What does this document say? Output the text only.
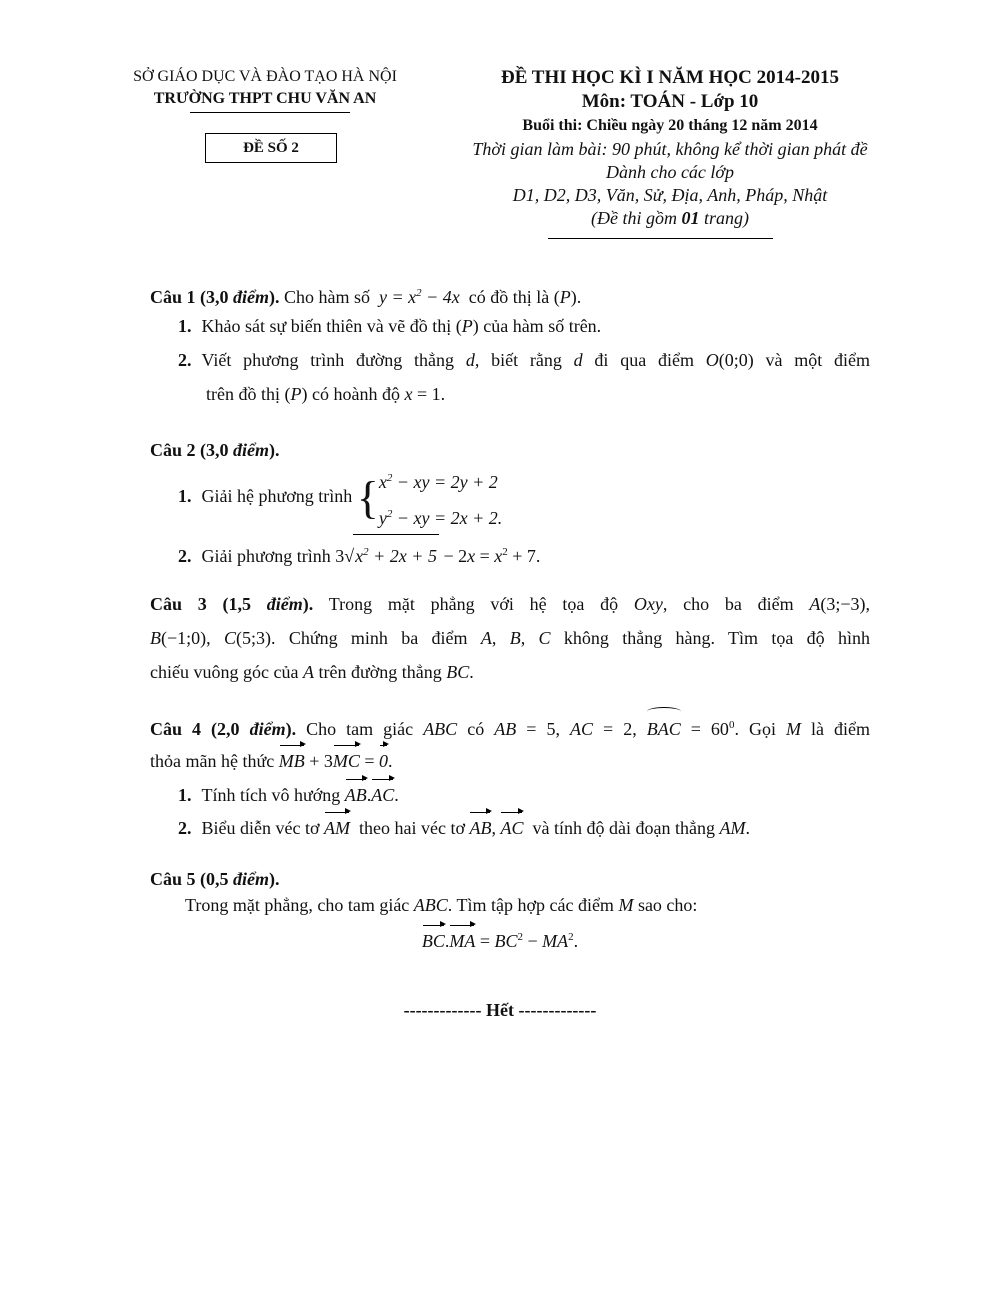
SỞ GIÁO DỤC VÀ ĐÀO TẠO HÀ NỘI
TRƯỜNG THPT CHU VĂN AN
ĐỀ SỐ 2
ĐỀ THI HỌC KÌ I NĂM HỌC 2014-2015
Môn: TOÁN - Lớp 10
Buổi thi: Chiều ngày 20 tháng 12 năm 2014
Thời gian làm bài: 90 phút, không kể thời gian phát đề
Dành cho các lớp
D1, D2, D3, Văn, Sử, Địa, Anh, Pháp, Nhật
(Đề thi gồm 01 trang)
Câu 1 (3,0 điểm). Cho hàm số  $y = x^2 - 4x$  có đồ thị là (P).
1. Khảo sát sự biến thiên và vẽ đồ thị (P) của hàm số trên.
2. Viết phương trình đường thẳng d, biết rằng d đi qua điểm O(0;0) và một điểm
trên đồ thị (P) có hoành độ x = 1.
Câu 2 (3,0 điểm).
1. Giải hệ phương trình { $x^2$ − xy = 2y + 2
$y^2$ − xy = 2x + 2.
2. Giải phương trình $3√x^2 + 2x + 5 - 2x = x^2 + 7$.
Câu 3 (1,5 điểm). Trong mặt phẳng với hệ tọa độ Oxy, cho ba điểm A(3;−3),
B(−1;0), C(5;3). Chứng minh ba điểm A, B, C không thẳng hàng. Tìm tọa độ hình
chiếu vuông góc của A trên đường thẳng BC.
Câu 4 (2,0 điểm). Cho tam giác ABC có AB = 5, AC = 2, BAC = $60^0$. Gọi M là điểm
thỏa mãn hệ thức MB + 3MC = 0.
1. Tính tích vô hướng AB.AC.
2. Biểu diễn véc tơ AM theo hai véc tơ AB, AC và tính độ dài đoạn thẳng AM.
Câu 5 (0,5 điểm).
Trong mặt phẳng, cho tam giác ABC. Tìm tập hợp các điểm M sao cho:
$BC.MA = BC^2 - MA^2$.
------------- Hết -------------
